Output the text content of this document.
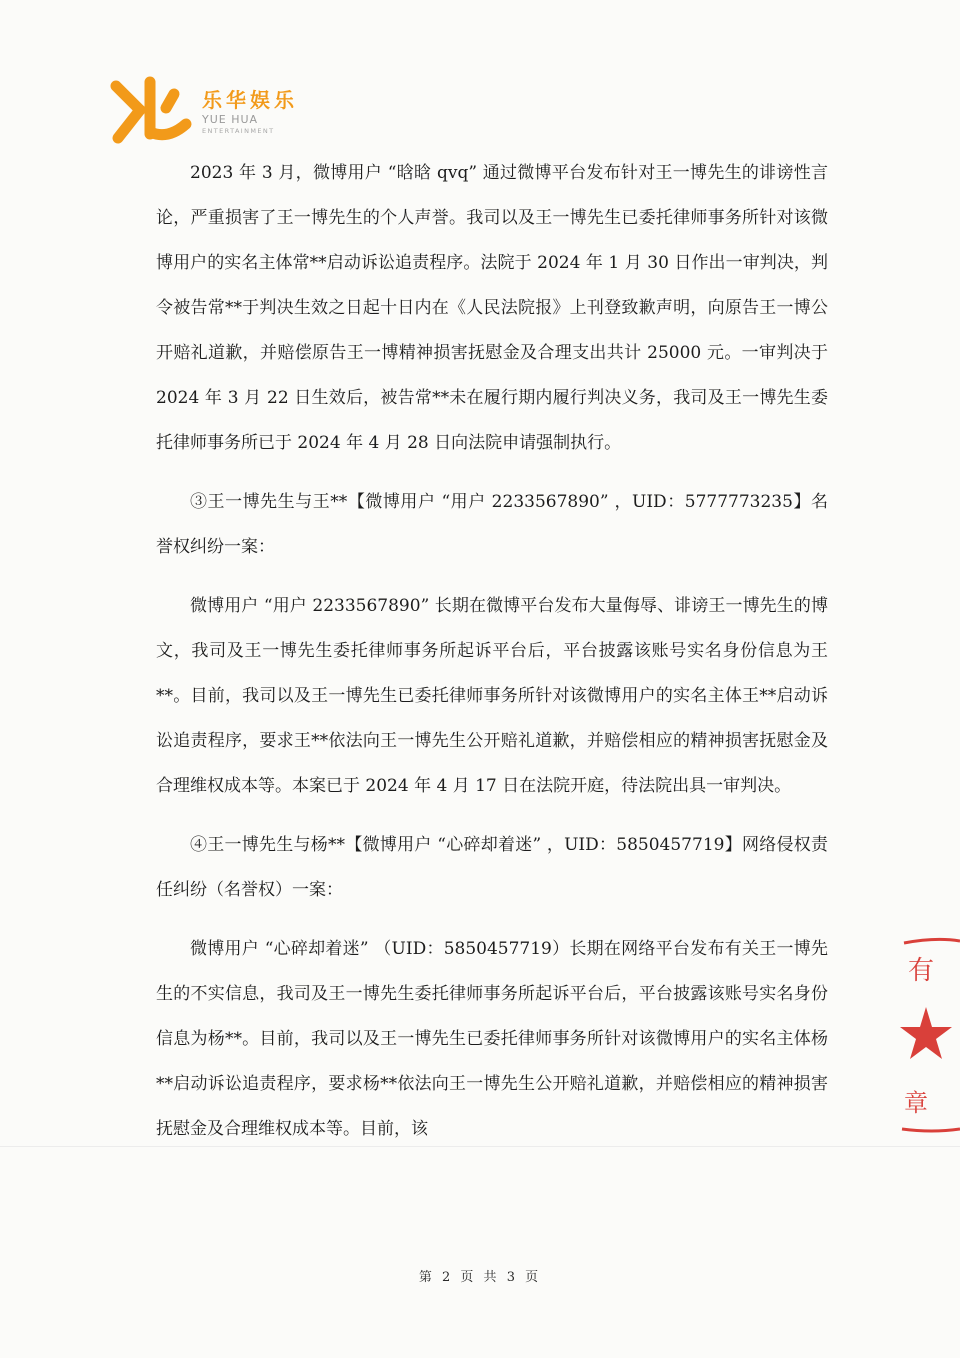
乐华娱乐
YUE HUA
ENTERTAINMENT

2023 年 3 月，微博用户 “晗晗 qvq” 通过微博平台发布针对王一博先生的诽谤性言论，严重损害了王一博先生的个人声誉。我司以及王一博先生已委托律师事务所针对该微博用户的实名主体常**启动诉讼追责程序。法院于 2024 年 1 月 30 日作出一审判决，判令被告常**于判决生效之日起十日内在《人民法院报》上刊登致歉声明，向原告王一博公开赔礼道歉，并赔偿原告王一博精神损害抚慰金及合理支出共计 25000 元。一审判决于 2024 年 3 月 22 日生效后，被告常**未在履行期内履行判决义务，我司及王一博先生委托律师事务所已于 2024 年 4 月 28 日向法院申请强制执行。

③王一博先生与王**【微博用户 “用户 2233567890” ，UID：5777773235】名誉权纠纷一案：

微博用户 “用户 2233567890” 长期在微博平台发布大量侮辱、诽谤王一博先生的博文，我司及王一博先生委托律师事务所起诉平台后，平台披露该账号实名身份信息为王**。目前，我司以及王一博先生已委托律师事务所针对该微博用户的实名主体王**启动诉讼追责程序，要求王**依法向王一博先生公开赔礼道歉，并赔偿相应的精神损害抚慰金及合理维权成本等。本案已于 2024 年 4 月 17 日在法院开庭，待法院出具一审判决。

④王一博先生与杨**【微博用户 “心碎却着迷” ，UID：5850457719】网络侵权责任纠纷（名誉权）一案：

微博用户 “心碎却着迷” （UID：5850457719）长期在网络平台发布有关王一博先生的不实信息，我司及王一博先生委托律师事务所起诉平台后，平台披露该账号实名身份信息为杨**。目前，我司以及王一博先生已委托律师事务所针对该微博用户的实名主体杨**启动诉讼追责程序，要求杨**依法向王一博先生公开赔礼道歉，并赔偿相应的精神损害抚慰金及合理维权成本等。目前，该

有
章
第 2 页 共 3 页
